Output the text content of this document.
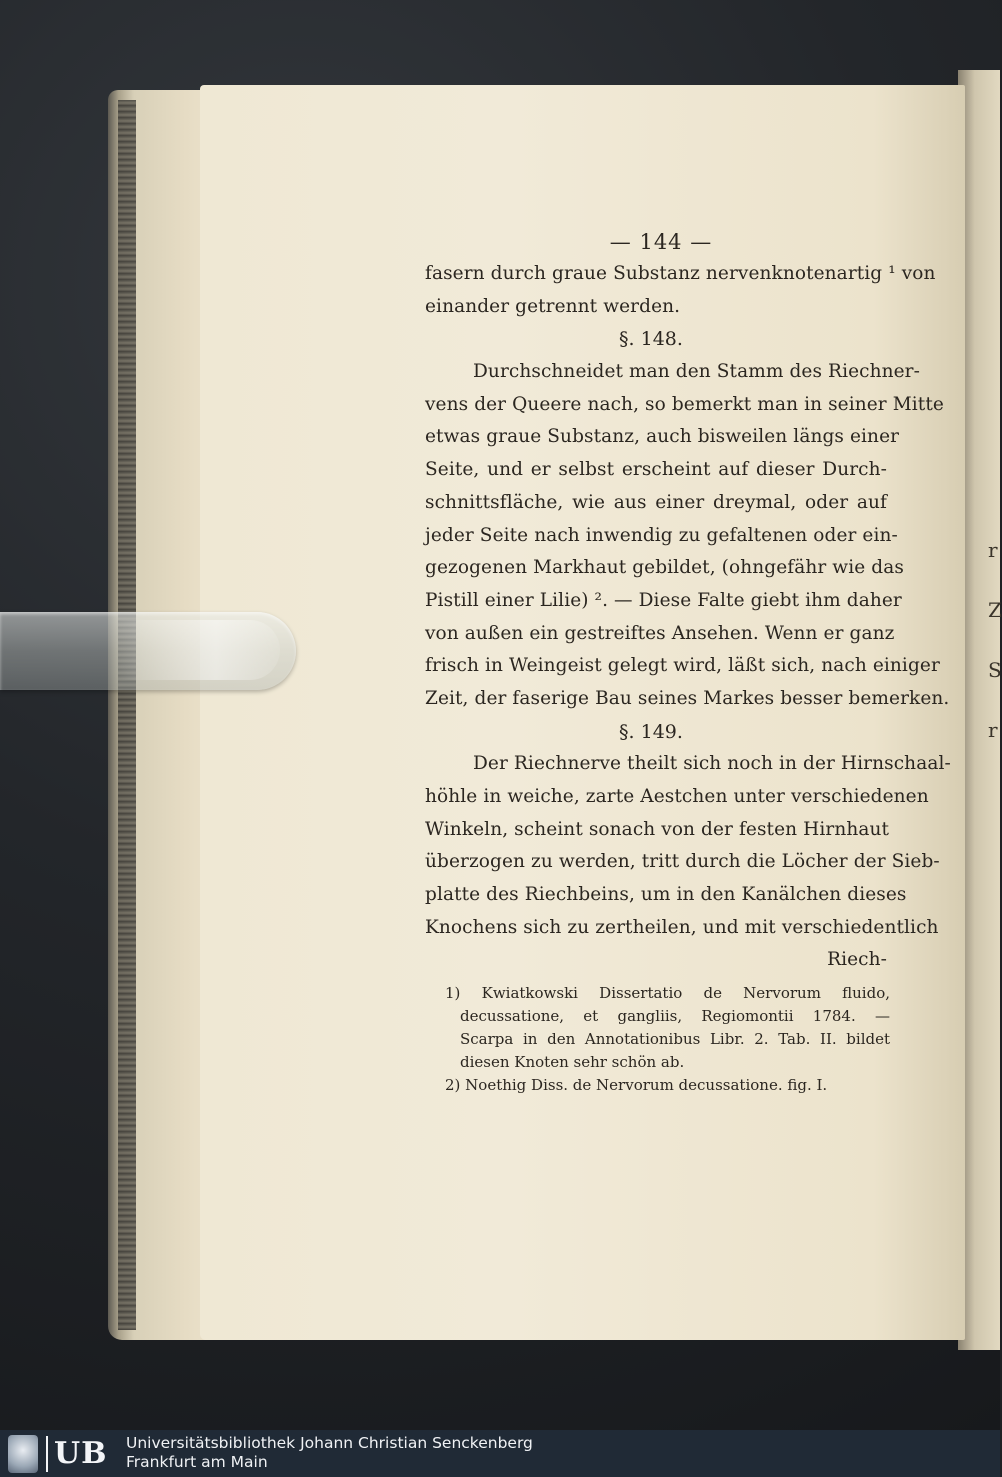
r
Z
S
r
— 144 —
fasern durch graue Substanz nervenknotenartig ¹ von
einander getrennt werden.
§. 148.
Durchschneidet man den Stamm des Riechner-
vens der Queere nach, so bemerkt man in seiner Mitte
etwas graue Substanz, auch bisweilen längs einer
Seite, und er selbst erscheint auf dieser Durch-
schnittsfläche, wie aus einer dreymal, oder auf
jeder Seite nach inwendig zu gefaltenen oder ein-
gezogenen Markhaut gebildet, (ohngefähr wie das
Pistill einer Lilie) ². — Diese Falte giebt ihm daher
von außen ein gestreiftes Ansehen. Wenn er ganz
frisch in Weingeist gelegt wird, läßt sich, nach einiger
Zeit, der faserige Bau seines Markes besser bemerken.
§. 149.
Der Riechnerve theilt sich noch in der Hirnschaal-
höhle in weiche, zarte Aestchen unter verschiedenen
Winkeln, scheint sonach von der festen Hirnhaut
überzogen zu werden, tritt durch die Löcher der Sieb-
platte des Riechbeins, um in den Kanälchen dieses
Knochens sich zu zertheilen, und mit verschiedentlich
Riech-
1) Kwiatkowski Dissertatio de Nervorum fluido,
decussatione, et gangliis, Regiomontii 1784. —
Scarpa in den Annotationibus Libr. 2. Tab. II. bildet
diesen Knoten sehr schön ab.
2) Noethig Diss. de Nervorum decussatione. fig. I.
UB Universitätsbibliothek Johann Christian Senckenberg
Frankfurt am Main
